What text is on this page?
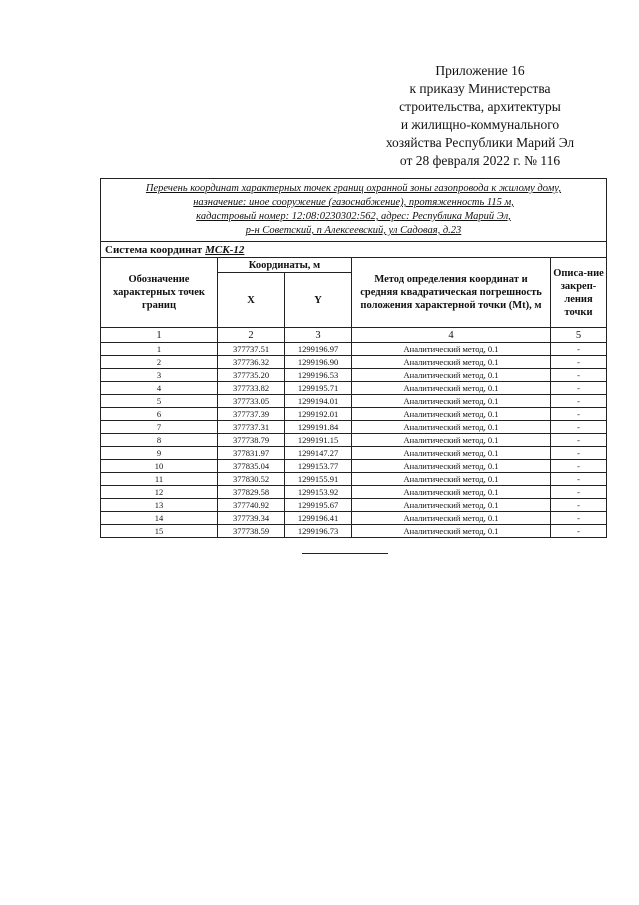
Приложение 16
к приказу Министерства
строительства, архитектуры
и жилищно-коммунального
хозяйства Республики Марий Эл
от 28 февраля 2022 г. № 116
Перечень координат характерных точек границ охранной зоны газопровода к жилому дому,
назначение: иное сооружение (газоснабжение), протяженность 115 м,
кадастровый номер: 12:08:0230302:562, адрес: Республика Марий Эл,
р-н Советский, п Алексеевский, ул Садовая, д.23				

Система координат МСК-12				
Обозначение характерных точек границ	Координаты, м		Метод определения координат и средняя квадратическая погрешность положения характерной точки (Mt), м	Описа-ние закреп-ления точки
	X	Y		
1	2	3	4	5
1	377737.51	1299196.97	Аналитический метод, 0.1	-
2	377736.32	1299196.90	Аналитический метод, 0.1	-
3	377735.20	1299196.53	Аналитический метод, 0.1	-
4	377733.82	1299195.71	Аналитический метод, 0.1	-
5	377733.05	1299194.01	Аналитический метод, 0.1	-
6	377737.39	1299192.01	Аналитический метод, 0.1	-
7	377737.31	1299191.84	Аналитический метод, 0.1	-
8	377738.79	1299191.15	Аналитический метод, 0.1	-
9	377831.97	1299147.27	Аналитический метод, 0.1	-
10	377835.04	1299153.77	Аналитический метод, 0.1	-
11	377830.52	1299155.91	Аналитический метод, 0.1	-
12	377829.58	1299153.92	Аналитический метод, 0.1	-
13	377740.92	1299195.67	Аналитический метод, 0.1	-
14	377739.34	1299196.41	Аналитический метод, 0.1	-
15	377738.59	1299196.73	Аналитический метод, 0.1	-
